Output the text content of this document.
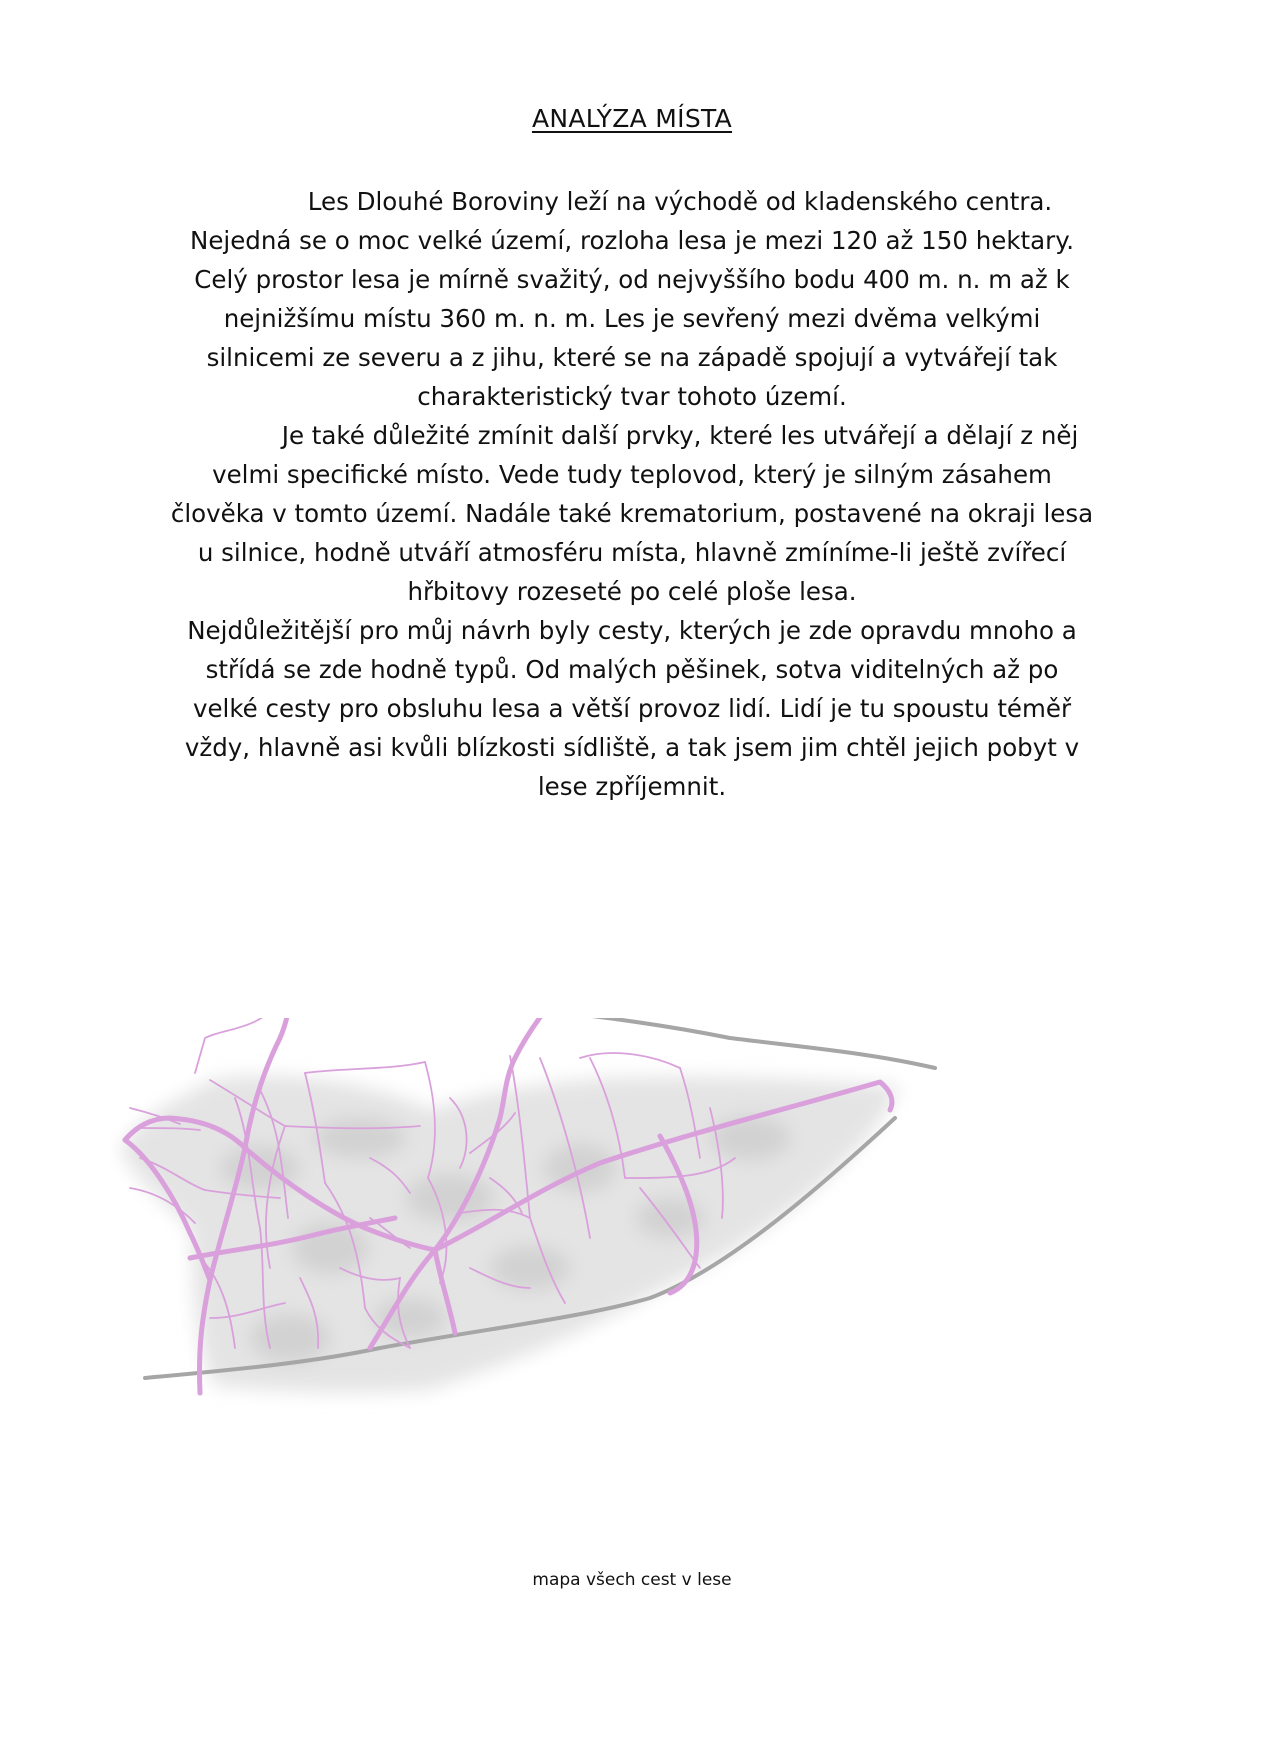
ANALÝZA MÍSTA

Les Dlouhé Boroviny leží na východě od kladenského centra. Nejedná se o moc velké území, rozloha lesa je mezi 120 až 150 hektary. Celý prostor lesa je mírně svažitý, od nejvyššího bodu 400 m. n. m až k nejnižšímu místu 360 m. n. m. Les je sevřený mezi dvěma velkými silnicemi ze severu a z jihu, které se na západě spojují a vytvářejí tak charakteristický tvar tohoto území.

Je také důležité zmínit další prvky, které les utvářejí a dělají z něj velmi specifické místo. Vede tudy teplovod, který je silným zásahem člověka v tomto území. Nadále také krematorium, postavené na okraji lesa u silnice, hodně utváří atmosféru místa, hlavně zmíníme-li ještě zvířecí hřbitovy rozeseté po celé ploše lesa.

Nejdůležitější pro můj návrh byly cesty, kterých je zde opravdu mnoho a střídá se zde hodně typů. Od malých pěšinek, sotva viditelných až po velké cesty pro obsluhu lesa a větší provoz lidí. Lidí je tu spoustu téměř vždy, hlavně asi kvůli blízkosti sídliště, a tak jsem jim chtěl jejich pobyt v lese zpříjemnit.

mapa všech cest v lese
